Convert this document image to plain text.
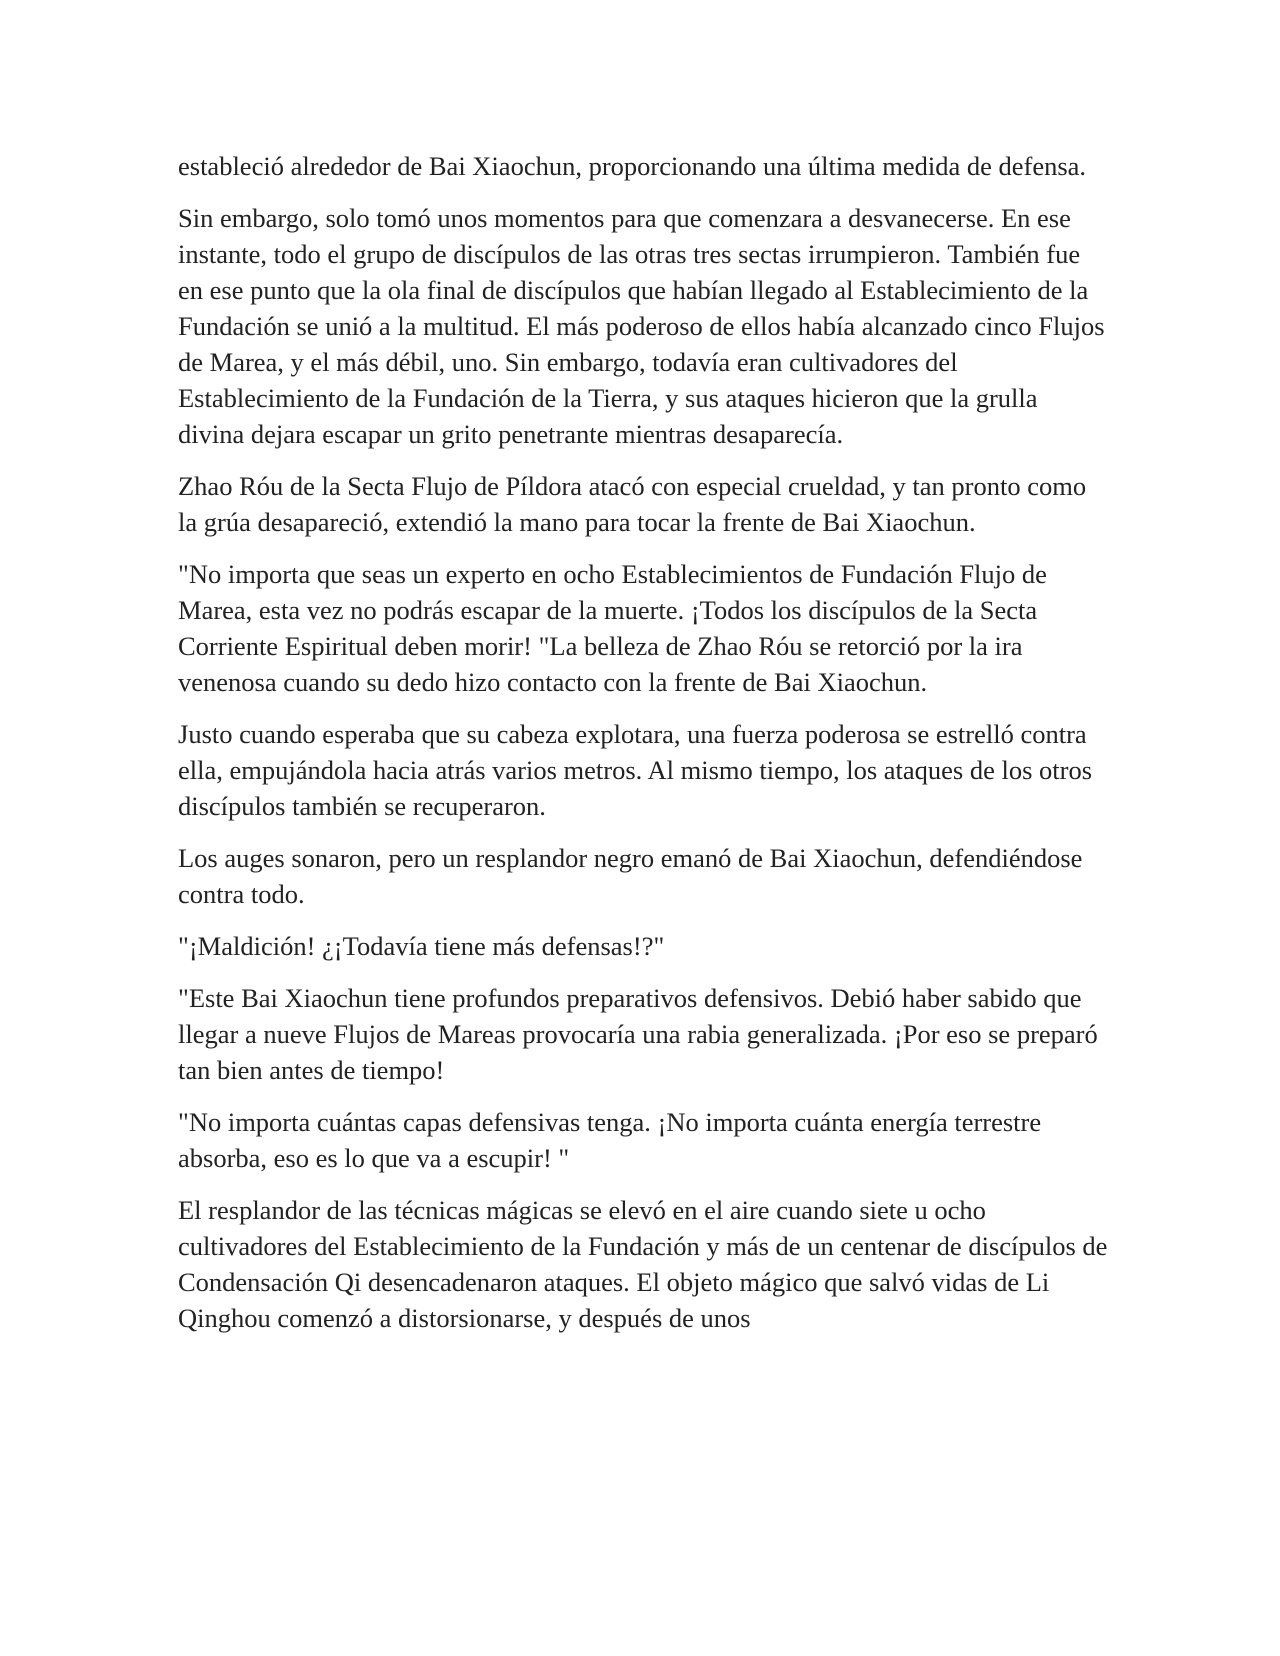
estableció alrededor de Bai Xiaochun, proporcionando una última medida de defensa.

Sin embargo, solo tomó unos momentos para que comenzara a desvanecerse. En ese instante, todo el grupo de discípulos de las otras tres sectas irrumpieron. También fue en ese punto que la ola final de discípulos que habían llegado al Establecimiento de la Fundación se unió a la multitud. El más poderoso de ellos había alcanzado cinco Flujos de Marea, y el más débil, uno. Sin embargo, todavía eran cultivadores del Establecimiento de la Fundación de la Tierra, y sus ataques hicieron que la grulla divina dejara escapar un grito penetrante mientras desaparecía.

Zhao Róu de la Secta Flujo de Píldora atacó con especial crueldad, y tan pronto como la grúa desapareció, extendió la mano para tocar la frente de Bai Xiaochun.

"No importa que seas un experto en ocho Establecimientos de Fundación Flujo de Marea, esta vez no podrás escapar de la muerte. ¡Todos los discípulos de la Secta Corriente Espiritual deben morir! "La belleza de Zhao Róu se retorció por la ira venenosa cuando su dedo hizo contacto con la frente de Bai Xiaochun.

Justo cuando esperaba que su cabeza explotara, una fuerza poderosa se estrelló contra ella, empujándola hacia atrás varios metros. Al mismo tiempo, los ataques de los otros discípulos también se recuperaron.

Los auges sonaron, pero un resplandor negro emanó de Bai Xiaochun, defendiéndose contra todo.

"¡Maldición! ¿¡Todavía tiene más defensas!?"

"Este Bai Xiaochun tiene profundos preparativos defensivos. Debió haber sabido que llegar a nueve Flujos de Mareas provocaría una rabia generalizada. ¡Por eso se preparó tan bien antes de tiempo!

"No importa cuántas capas defensivas tenga. ¡No importa cuánta energía terrestre absorba, eso es lo que va a escupir! "

El resplandor de las técnicas mágicas se elevó en el aire cuando siete u ocho cultivadores del Establecimiento de la Fundación y más de un centenar de discípulos de Condensación Qi desencadenaron ataques. El objeto mágico que salvó vidas de Li Qinghou comenzó a distorsionarse, y después de unos
